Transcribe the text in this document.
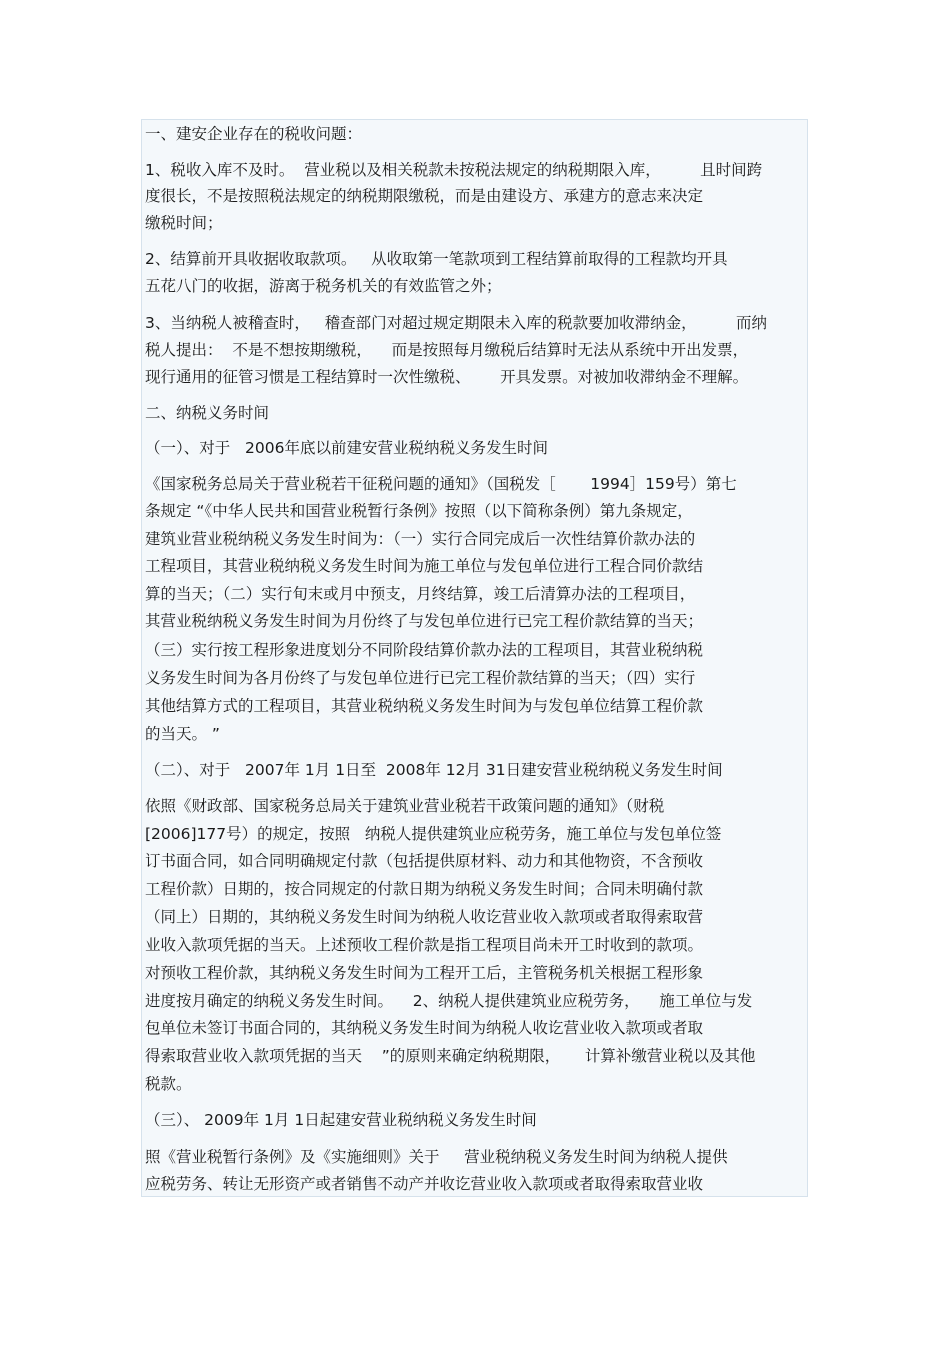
一、建安企业存在的税收问题：
1、税收入库不及时。  营业税以及相关税款未按税法规定的纳税期限入库，        且时间跨
度很长，不是按照税法规定的纳税期限缴税，而是由建设方、承建方的意志来决定
缴税时间；
2、结算前开具收据收取款项。   从收取第一笔款项到工程结算前取得的工程款均开具
五花八门的收据，游离于税务机关的有效监管之外；
3、当纳税人被稽查时，   稽查部门对超过规定期限未入库的税款要加收滞纳金，        而纳
税人提出：  不是不想按期缴税，    而是按照每月缴税后结算时无法从系统中开出发票，
现行通用的征管习惯是工程结算时一次性缴税、      开具发票。对被加收滞纳金不理解。
二、纳税义务时间
（一）、对于   2006年底以前建安营业税纳税义务发生时间
《国家税务总局关于营业税若干征税问题的通知》（国税发［       1994］159号）第七
条规定 “《中华人民共和国营业税暂行条例》按照（以下简称条例）第九条规定，
建筑业营业税纳税义务发生时间为：（一）实行合同完成后一次性结算价款办法的
工程项目，其营业税纳税义务发生时间为施工单位与发包单位进行工程合同价款结
算的当天；（二）实行旬末或月中预支，月终结算，竣工后清算办法的工程项目，
其营业税纳税义务发生时间为月份终了与发包单位进行已完工程价款结算的当天；
（三）实行按工程形象进度划分不同阶段结算价款办法的工程项目，其营业税纳税
义务发生时间为各月份终了与发包单位进行已完工程价款结算的当天；（四）实行
其他结算方式的工程项目，其营业税纳税义务发生时间为与发包单位结算工程价款
的当天。 ”
（二）、对于   2007年 1月 1日至  2008年 12月 31日建安营业税纳税义务发生时间
依照《财政部、国家税务总局关于建筑业营业税若干政策问题的通知》（财税
[2006]177号）的规定，按照   纳税人提供建筑业应税劳务，施工单位与发包单位签
订书面合同，如合同明确规定付款（包括提供原材料、动力和其他物资，不含预收
工程价款）日期的，按合同规定的付款日期为纳税义务发生时间；合同未明确付款
（同上）日期的，其纳税义务发生时间为纳税人收讫营业收入款项或者取得索取营
业收入款项凭据的当天。上述预收工程价款是指工程项目尚未开工时收到的款项。
对预收工程价款，其纳税义务发生时间为工程开工后，主管税务机关根据工程形象
进度按月确定的纳税义务发生时间。    2、纳税人提供建筑业应税劳务，    施工单位与发
包单位未签订书面合同的，其纳税义务发生时间为纳税人收讫营业收入款项或者取
得索取营业收入款项凭据的当天    ”的原则来确定纳税期限，     计算补缴营业税以及其他
税款。
（三）、 2009年 1月 1日起建安营业税纳税义务发生时间
照《营业税暂行条例》及《实施细则》关于     营业税纳税义务发生时间为纳税人提供
应税劳务、转让无形资产或者销售不动产并收讫营业收入款项或者取得索取营业收
